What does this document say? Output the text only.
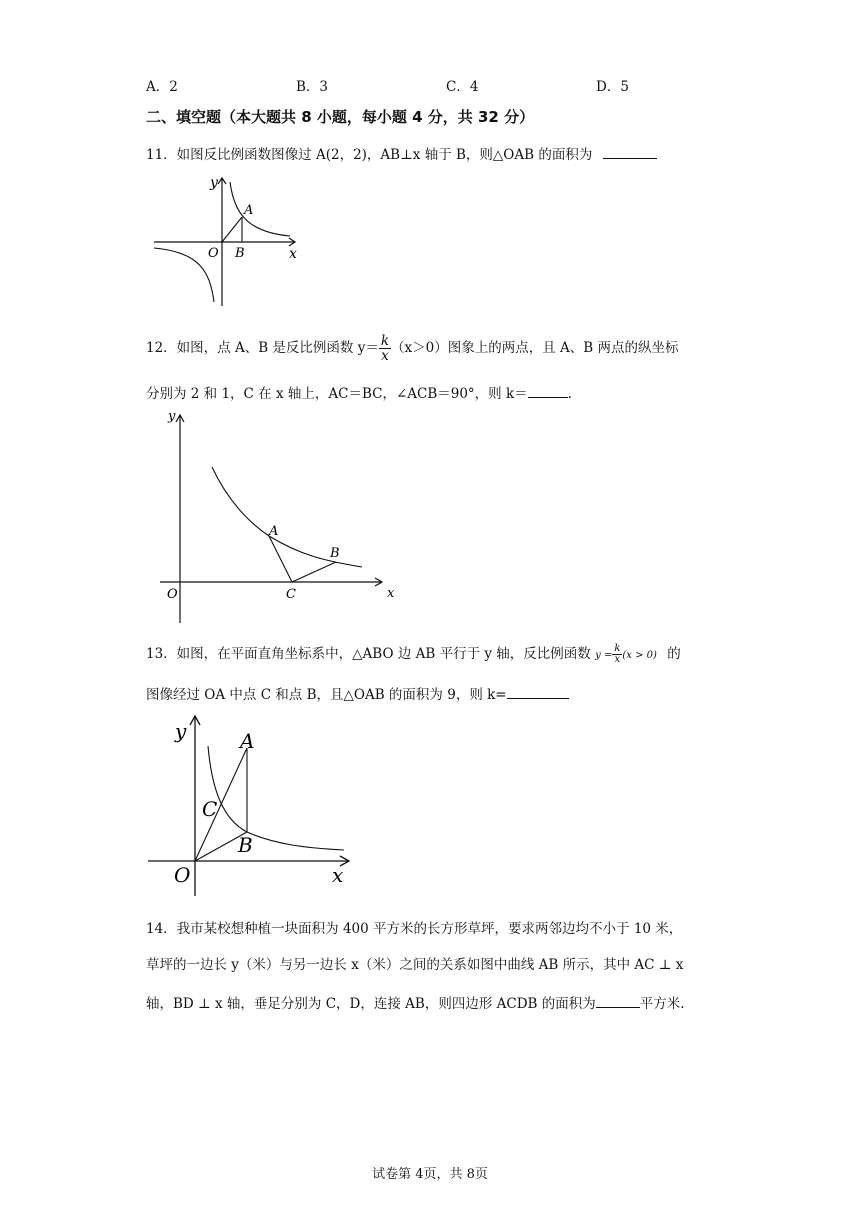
A．2	B．3	C．4	D．5
二、填空题（本大题共 8 小题，每小题 4 分，共 32 分）
11．如图反比例函数图像过 A(2，2)，AB⊥x 轴于 B，则△OAB 的面积为
y
x
O
A
B
12．如图，点 A、B 是反比例函数 $y= \frac{k}{x} (x>0)$图象上的两点，且 A、B 两点的纵坐标
分别为 2 和 1，C 在 x 轴上，AC＝BC，∠ACB＝90°，则 k＝	.
y
x
O
A
B
C
13．如图，在平面直角坐标系中，△ABO 边 AB 平行于 y 轴，反比例函数 $y = \frac{k}{x} (x > 0)$ 的
图像经过 OA 中点 C 和点 B，且△OAB 的面积为 9，则 k=
y
x
O
A
B
C
14．我市某校想种植一块面积为 400 平方米的长方形草坪，要求两邻边均不小于 10 米，
草坪的一边长 y（米）与另一边长 x（米）之间的关系如图中曲线 AB 所示，其中 AC ⊥ x
轴，BD ⊥ x 轴，垂足分别为 C，D，连接 AB，则四边形 ACDB 的面积为	平方米.
试卷第 4页，共 8页
